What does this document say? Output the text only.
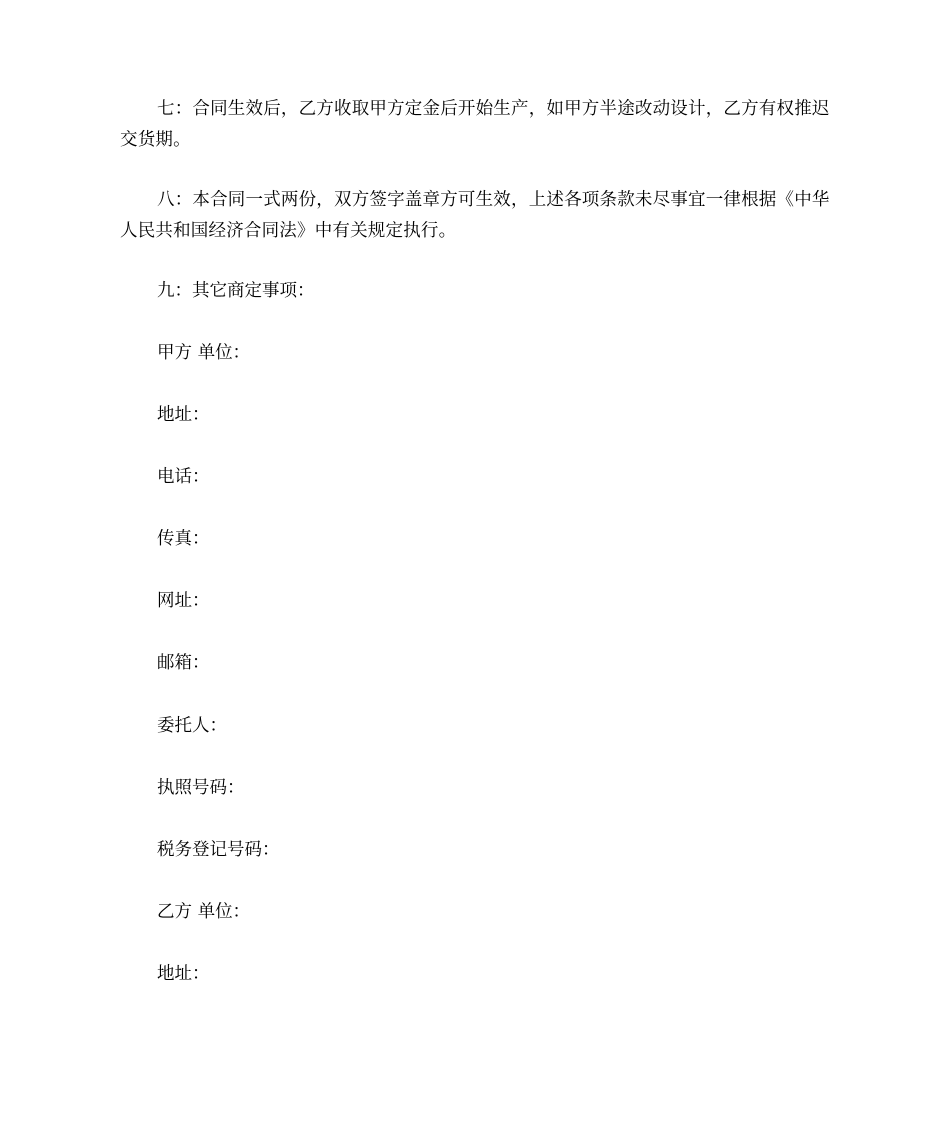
七：合同生效后，乙方收取甲方定金后开始生产，如甲方半途改动设计，乙方有权推迟交货期。

八：本合同一式两份，双方签字盖章方可生效，上述各项条款未尽事宜一律根据《中华人民共和国经济合同法》中有关规定执行。

九：其它商定事项：

甲方 单位：

地址：

电话：

传真：

网址：

邮箱：

委托人：

执照号码：

税务登记号码：

乙方 单位：

地址：
